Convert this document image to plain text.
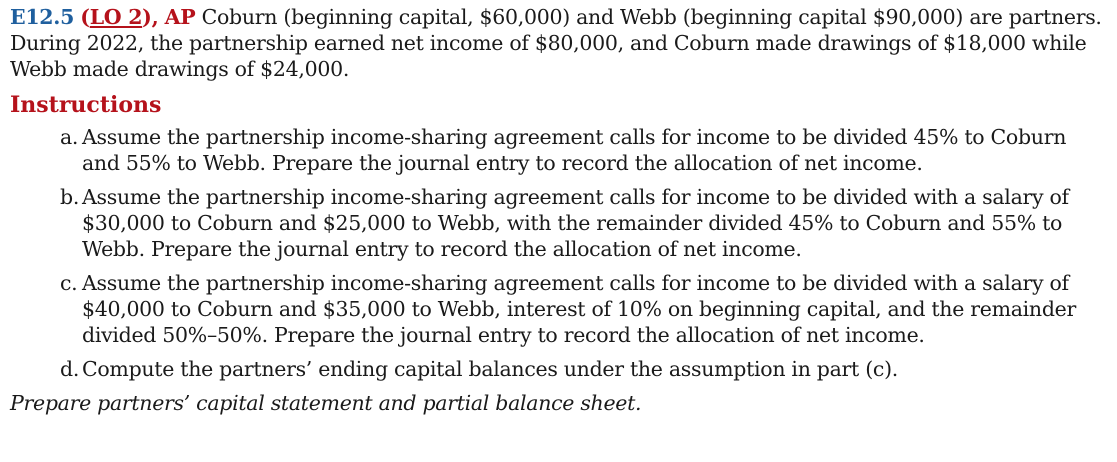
E12.5 (LO 2), AP Coburn (beginning capital, $60,000) and Webb (beginning capital $90,000) are partners. During 2022, the partnership earned net income of $80,000, and Coburn made drawings of $18,000 while Webb made drawings of $24,000.

Instructions

a. Assume the partnership income-sharing agreement calls for income to be divided 45% to Coburn and 55% to Webb. Prepare the journal entry to record the allocation of net income.

b. Assume the partnership income-sharing agreement calls for income to be divided with a salary of $30,000 to Coburn and $25,000 to Webb, with the remainder divided 45% to Coburn and 55% to Webb. Prepare the journal entry to record the allocation of net income.

c. Assume the partnership income-sharing agreement calls for income to be divided with a salary of $40,000 to Coburn and $35,000 to Webb, interest of 10% on beginning capital, and the remainder divided 50%–50%. Prepare the journal entry to record the allocation of net income.

d. Compute the partners’ ending capital balances under the assumption in part (c).

Prepare partners’ capital statement and partial balance sheet.
